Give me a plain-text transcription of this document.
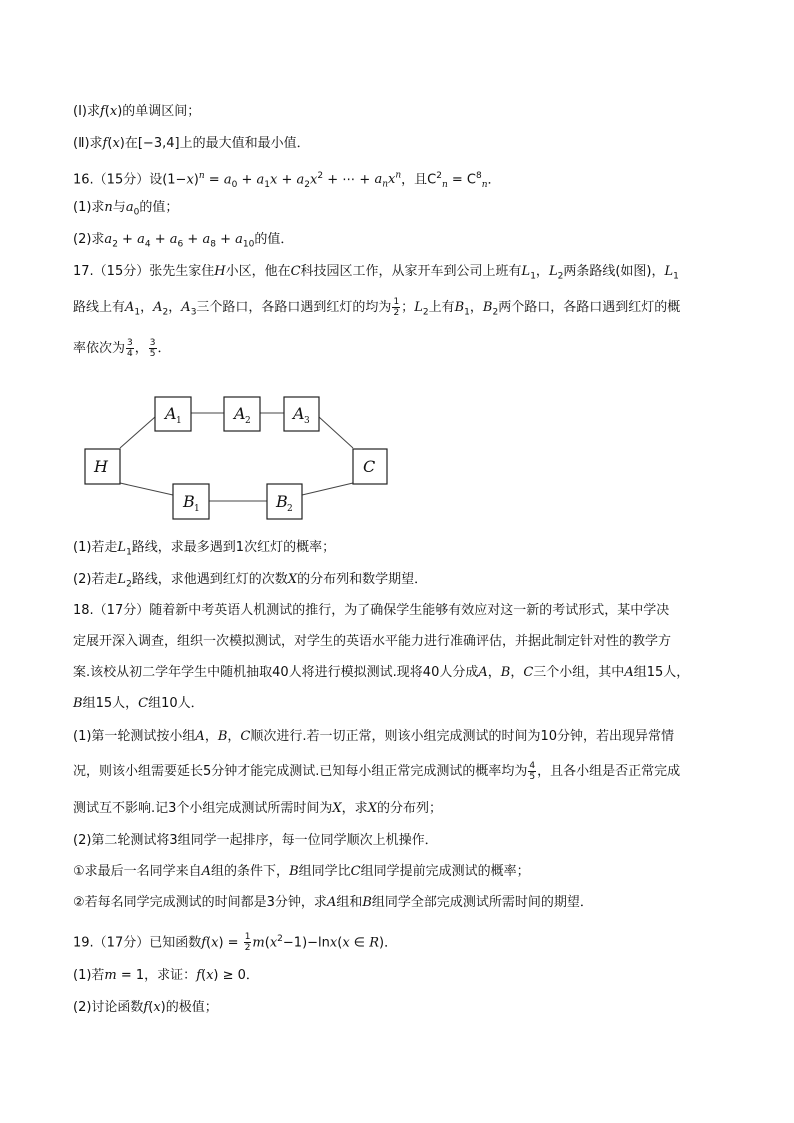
(Ⅰ)求f(x)的单调区间；
(Ⅱ)求f(x)在[−3,4]上的最大值和最小值．
16.（15分）设$(1-x)^n = a_0 + a_1x + a_2x^2$ + ⋯ + $a_nx^n$，且$C^2_n = C^8_n$．
(1)求n与$a_0$的值；
(2)求$a_2 + a_4 + a_6 + a_8 + a_{10}$的值．
17.（15分）张先生家住H小区，他在C科技园区工作，从家开车到公司上班有$L_1$，$L_2$两条路线(如图)，$L_1$
路线上有$A_1$，$A_2$，$A_3$三个路口，各路口遇到红灯的均为 $\frac{1}{2}$ ；$L_2$上有$B_1$，$B_2$两个路口，各路口遇到红灯的概
率依次为 $\frac{3}{4}$ ， $\frac{3}{5}$ ．
H	C
A	A	A
B	B
1	2	3
1	2
(1)若走$L_1$路线，求最多遇到1次红灯的概率；
(2)若走$L_2$路线，求他遇到红灯的次数X的分布列和数学期望．
18.（17分）随着新中考英语人机测试的推行，为了确保学生能够有效应对这一新的考试形式，某中学决
定展开深入调查，组织一次模拟测试，对学生的英语水平能力进行准确评估，并据此制定针对性的教学方
案.该校从初二学年学生中随机抽取40人将进行模拟测试.现将40人分成A，B，C三个小组，其中A组15人，
B组15人，C组10人．
(1)第一轮测试按小组A，B，C顺次进行.若一切正常，则该小组完成测试的时间为10分钟，若出现异常情
况，则该小组需要延长5分钟才能完成测试.已知每小组正常完成测试的概率均为 $\frac{4}{5}$ ，且各小组是否正常完成
测试互不影响.记3个小组完成测试所需时间为X，求X的分布列；
(2)第二轮测试将3组同学一起排序，每一位同学顺次上机操作．
①求最后一名同学来自A组的条件下，B组同学比C组同学提前完成测试的概率；
②若每名同学完成测试的时间都是3分钟，求A组和B组同学全部完成测试所需时间的期望．
19.（17分）已知函数$f(x) = \frac{1}{2} m(x^2-1)-\ln x(x$ ∈ R)．
(1)若m = 1，求证：f(x) ≥ 0．
(2)讨论函数f(x)的极值；
